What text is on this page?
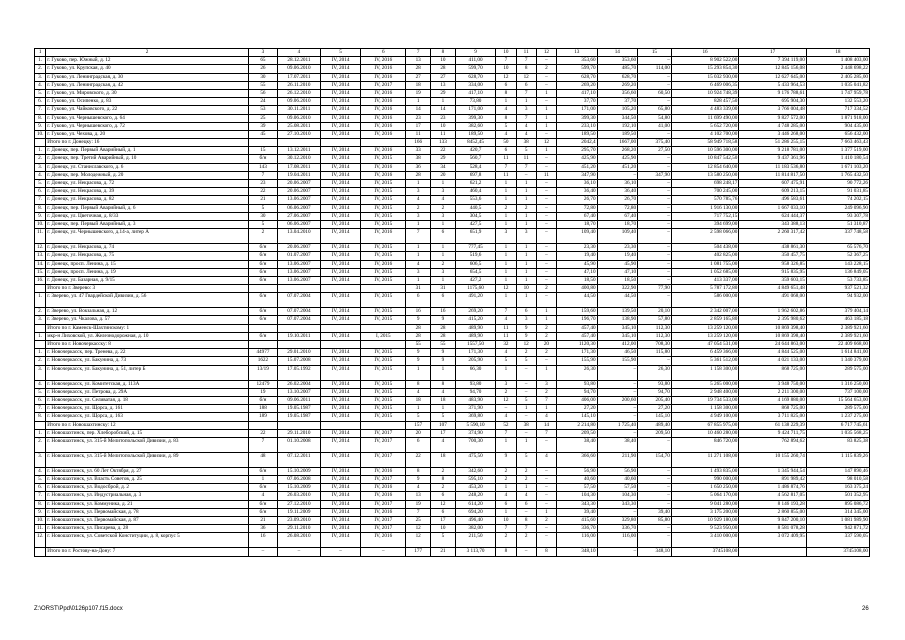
1	2	3	4	5	6	7	8	9	10	11	12	13	14	15	16	17	18
1.	г. Гуково, пер. Южный, д. 12	65	28.12.2011	IV, 2014	IV, 2016	13	10	411,00	7	7	–	353,60	353,60	–	8 902 522,00	7 394 119,00	1 408 403,00
2.	г. Гуково, ул. Крупская, д. 40	26	09.06.2010	IV, 2014	IV, 2016	28	28	599,70	10	8	2	599,70	485,70	114,00	15 293 854,30	12 845 156,08	2 448 698,22
3.	г. Гуково, ул. Ленинградская, д. 30	30	17.07.2011	IV, 2014	IV, 2016	27	27	628,70	12	12	–	628,70	628,70	–	15 032 930,00	12 627 645,00	2 405 285,00
4.	г. Гуково, ул. Ленинградская, д. 42	55	26.11.2010	IV, 2014	IV, 2017	18	13	334,00	6	6	–	269,20	269,20	–	6 469 006,35	5 433 964,53	1 035 041,82
5.	г. Гуково, ул. Мировского, д. 30	56	26.12.2010	IV, 2014	IV, 2016	19	29	417,10	8	7	1	417,10	356,60	60,50	10 924 748,39	9 176 788,61	1 747 959,78
6.	г. Гуково, ул. Осипенко, д. 83	24	09.06.2010	IV, 2014	IV, 2016	1	1	73,80	1	1	–	37,70	37,70	–	828 457,50	695 904,30	132 553,20
7.	г. Гуково, ул. Чайковского, д. 22	53	30.11.2011	IV, 2014	IV, 2016	14	14	171,00	4	3	1	171,00	105,20	65,80	4 483 339,00	3 766 004,48	717 334,52
8.	г. Гуково, ул. Чернышевского, д. 64	25	09.06.2010	IV, 2014	IV, 2016	23	23	399,30	8	7	1	399,30	344,50	54,80	11 699 490,00	9 827 572,00	1 871 918,00
9.	г. Гуково, ул. Чернышевского, д. 72	39	25.08.2011	IV, 2014	IV, 2016	17	10	382,60	5	4	1	233,10	192,10	41,00	5 652 720,00	4 748 285,00	904 435,00
10.	г. Гуково, ул. Чехова, д. 20	45	27.10.2010	IV, 2014	IV, 2016	11	11	189,50	4	4	–	189,50	189,50	–	4 102 700,00	3 446 268,00	656 432,00
	Итого по г. Донецку: 16					166	133	8452,45	50	38	12	2042,4	1667,00	375,40	58 949 718,58	51 286 255,15	7 663 463,43
1.	г. Донецк, пер. Первый Аварийный, д. 1	15	13.12.2011	IV, 2014	IV, 2016	33	22	420,7	6	5	1	295,70	268,20	27,50	10 596 300,00	9 218 781,00	1 377 519,00
2.	г. Донецк, пер. Третий Аварийный, д. 10	б/н	30.12.2010	IV, 2014	IV, 2015	38	29	560,7	11	11	–	425,90	425,90	–	10 847 542,50	9 437 361,96	1 410 180,54
3.	г. Донецк, ул. Станиславского, д. 6	143	17.08.2011	IV, 2014	IV, 2016	36	34	528,4	7	7	–	451,20	451,20	–	12 854 640,00	11 183 536,80	1 671 103,20
4.	г. Донецк, пер. Молодежный, д. 20	7	19.04.2011	IV, 2014	IV, 2016	28	20	697,8	11	–	11	347,90	–	347,90	13 580 250,00	11 814 817,50	1 765 432,50
5.	г. Донецк, ул. Некрасова, д. 72	23	20.06.2007	IV, 2014	IV, 2015	1	1	621,2	1	1	–	36,10	36,10	–	698 248,17	607 475,91	90 772,26
6.	г. Донецк, ул. Некрасова, д. 39	22	20.06.2007	IV, 2014	IV, 2015	3	3	460,4	1	1	–	36,40	36,40	–	700 245,00	609 213,15	91 031,85
7.	г. Донецк, ул. Некрасова, д. 82	21	13.06.2007	IV, 2014	IV, 2015	4	4	553,6	1	1	–	26,70	26,70	–	570 785,76	496 583,61	74 202,15
8.	г. Донецк, пер. Первый Аварийный, д. 6	5	06.06.2007	IV, 2014	IV, 2015	2	2	440,5	2	2	–	72,80	72,80	–	1 916 130,00	1 667 033,10	249 096,90
9.	г. Донецк, ул. Цветочная, д. 8/33	30	27.06.2007	IV, 2014	IV, 2015	3	3	304,5	1	1	–	67,40	67,40	–	717 752,15	624 444,37	93 307,78
10.	г. Донецк, пер. Первый Аварийный, д. 3	5	06.06.2007	IV, 2014	IV, 2015	1	1	427,5	1	1	–	18,70	18,70	–	394 699,00	343 388,13	51 310,87
11.	г. Донецк, ул. Чернышевского, д.14-а, литер А	2	13.04.2010	IV, 2014	IV, 2016	7	6	651,9	3	3	–	109,40	109,40	–	2 598 066,00	2 260 317,42	337 748,58
12.	г. Донецк, ул. Некрасова, д. 74	б/н	20.06.2007	IV, 2014	IV, 2015	1	1	777,45	1	1	–	23,30	23,30	–	504 438,00	438 861,30	65 576,70
13.	г. Донецк, ул. Некрасова, д. 75	б/н	01.07.2007	IV, 2014	IV, 2015	1	1	519,6	1	1	–	19,40	19,40	–	402 825,00	350 457,75	52 367,25
14.	г. Донецк, просп. Ленина, д. 15	б/н	13.06.2007	IV, 2014	IV, 2016	4	2	606,5	1	1	–	45,90	45,90	–	1 081 755,00	958 326,85	143 228,15
15.	г. Донецк, просп. Ленина, д. 19	б/н	13.06.2007	IV, 2014	IV, 2015	3	3	654,5	1	1	–	47,10	47,10	–	1 052 685,00	915 835,95	136 849,05
16.	г. Донецк, ул. Базарная, д. 9/15	б/н	13.06.2007	IV, 2014	IV, 2015	1	1	427,2	1	1	–	18,50	18,50	–	413 337,00	359 603,15	53 733,85
	Итого по г. Зверево: 3					31	31	1175,60	12	10	2	400,80	322,90	77,90	5 787 172,80	4 849 651,48	937 521,32
1.	г. Зверево, ул. 47 Гвардейской Дивизии, д. 56	б/н	07.07.2004	IV, 2014	IV, 2015	6	6	491,20	1	1	–	44,50	44,50	–	586 000,00	491 068,00	94 932,00
2.	г. Зверево, ул. Вокзальная, д. 12	б/н	07.07.2004	IV, 2014	IV, 2015	16	16	269,20	7	6	1	159,60	139,50	20,10	2 342 007,00	1 962 602,86	379 404,14
3.	г. Зверево, ул. Чкалова, д. 57	б/н	07.07.2004	IV, 2014	IV, 2015	9	9	415,20	4	3	1	196,70	138,90	57,80	2 859 165,80	2 395 980,62	463 185,18
	Итого по г. Каменск-Шахтинскому: 1					28	28	489,90	11	9	2	457,40	345,10	112,30	13 259 120,00	10 869 398,40	2 389 921,60
1.	мкр-н Лиховской, ул. Железнодорожная, д. 10	б/н	19.10.2011	IV, 2014	I, 2015	28	28	489,90	11	9	2	457,40	345,10	112,30	13 259 120,00	10 869 398,40	2 389 921,60
	Итого по г. Новочеркасску: 8					55	55	1557,50	32	12	20	1120,30	412,00	708,30	47 054 531,00	24 644 863,00	22 409 668,00
1.	г. Новочеркасск, пер. Тренева, д. 22	44977	29.01.2010	IV, 2014	IV, 2015	9	9	171,30	4	2	2	171,30	46,50	115,80	6 459 366,00	4 844 525,00	1 614 841,00
2.	г. Новочеркасск, ул. Бакунина, д. 73	1622	15.07.2008	IV, 2014	IV, 2015	9	9	205,90	5	5	–	155,90	155,90	–	5 361 512,00	4 021 133,00	1 340 379,00
3.	г. Новочеркасск, ул. Бакунина, д. 51, литер Б	13/19	17.05.1992	IV, 2014	IV, 2015	1	1	66,30	1	–	1	26,30	–	26,30	1 158 300,00	868 725,00	289 575,00
4.	г. Новочеркасск, ул. Комитетская, д. 113А	12479	26.02.2004	IV, 2014	IV, 2015	8	8	93,80	3	–	3	93,80	–	93,80	5 265 000,00	3 948 750,00	1 316 250,00
5.	г. Новочеркасск, ул. Петрова, д. 29А	19	13.10.2007	IV, 2014	IV, 2015	4	4	94,70	2	–	2	94,70	–	94,70	2 948 400,00	2 211 300,00	737 100,00
6.	г. Новочеркасск, ул. Селиватая, д. 18	б/н	09.06.2011	IV, 2014	IV, 2015	18	18	483,90	12	5	7	406,00	200,60	205,40	19 734 533,00	4 169 880,00	15 564 653,00
7.	г. Новочеркасск, ул. Щорса, д. 161	188	19.05.1987	IV, 2014	IV, 2015	1	1	371,90	–	1	1	27,20	–	27,20	1 158 300,00	868 725,00	289 575,00
8.	г. Новочеркасск, ул. Щорса, д. 163	189	19.05.1987	IV, 2014	IV, 2015	5	5	369,80	4	–	4	145,10	–	145,10	4 949 100,00	3 711 825,00	1 237 275,00
	Итого по г. Новошахтинску: 12					157	107	5 590,10	52	38	14	2 214,80	1 725,40	489,40	67 855 975,00	61 138 229,39	6 717 745,61
1.	г. Новошахтинск, пер. Хлеборобский, д. 15	22	29.11.2010	IV, 2014	IV, 2017	20	17	374,90	7	–	7	209,50	–	209,50	10 460 280,00	9 424 711,75	1 035 568,25
2.	г. Новошахтинск, ул. 315-й Мелитопольской Дивизии, д. 83	7	01.10.2008	IV, 2014	IV, 2017	6	4	700,30	1	1	–	38,40	38,40	–	846 720,00	762 894,62	83 825,38
3.	г. Новошахтинск, ул. 315-й Мелитопольской Дивизии, д. 89	48	07.12.2011	IV, 2014	IV, 2017	22	18	475,50	9	5	4	366,60	211,90	154,70	11 271 108,00	10 155 260,74	1 115 839,26
4.	г. Новошахтинск, ул. 60 Лет Октября, д. 27	б/н	15.10.2009	IV, 2014	IV, 2016	8	2	342,60	2	2	–	56,90	56,90	–	1 493 835,00	1 345 944,54	147 890,46
5.	г. Новошахтинск, ул. Власть Советов, д. 25	1	07.06.2008	IV, 2014	IV, 2017	9	8	595,10	2	2	–	40,60	40,60	–	990 000,00	891 989,42	98 010,58
6.	г. Новошахтинск, ул. Водосброй, д. 2	б/н	15.10.2009	IV, 2014	IV, 2016	4	2	453,20	1	1	–	57,50	57,50	–	1 650 250,00	1 486 874,76	163 375,24
7.	г. Новошахтинск, ул. Индустриальная, д. 3	4	26.03.2010	IV, 2014	IV, 2016	13	6	248,20	4	4	–	104,30	104,30	–	5 064 170,00	4 562 817,05	501 352,95
8.	г. Новошахтинск, ул. Коммуника, д. 21	б/н	27.12.2010	IV, 2014	IV, 2017	19	12	614,20	6	6	–	343,30	343,30	–	9 041 280,00	8 146 193,28	895 086,72
9.	г. Новошахтинск, ул. Первомайская, д. 78	б/н	19.11.2009	IV, 2014	IV, 2016	7	6	694,20	1	–	1	39,40	–	39,40	3 175 200,00	2 860 855,00	314 345,00
10.	г. Новошахтинск, ул. Первомайская, д. 87	21	23.09.2010	IV, 2014	IV, 2017	25	17	496,40	10	8	2	415,60	329,80	85,80	10 929 180,00	9 847 200,10	1 081 989,90
11.	г. Новошахтинск, ул. Писарева, д. 28	36	29.11.2010	IV, 2014	IV, 2017	12	10	382,00	7	7	–	336,70	336,70	–	9 523 950,00	8 581 078,28	942 871,72
12.	г. Новошахтинск, ул. Советской Конституции, д. 8, корпус 5	16	26.08.2010	IV, 2014	IV, 2016	12	5	211,50	2	2	–	116,00	116,00	–	3 410 000,00	3 072 409,95	337 590,05
	Итого по г. Ростову-на-Дону: 7	–	–	–	–	177	21	3 113,70	8	–	8	348,10	–	348,10	3745108,00		3745108,00
Z:\ORST\Ppd\0126p107.f15.docx	26
